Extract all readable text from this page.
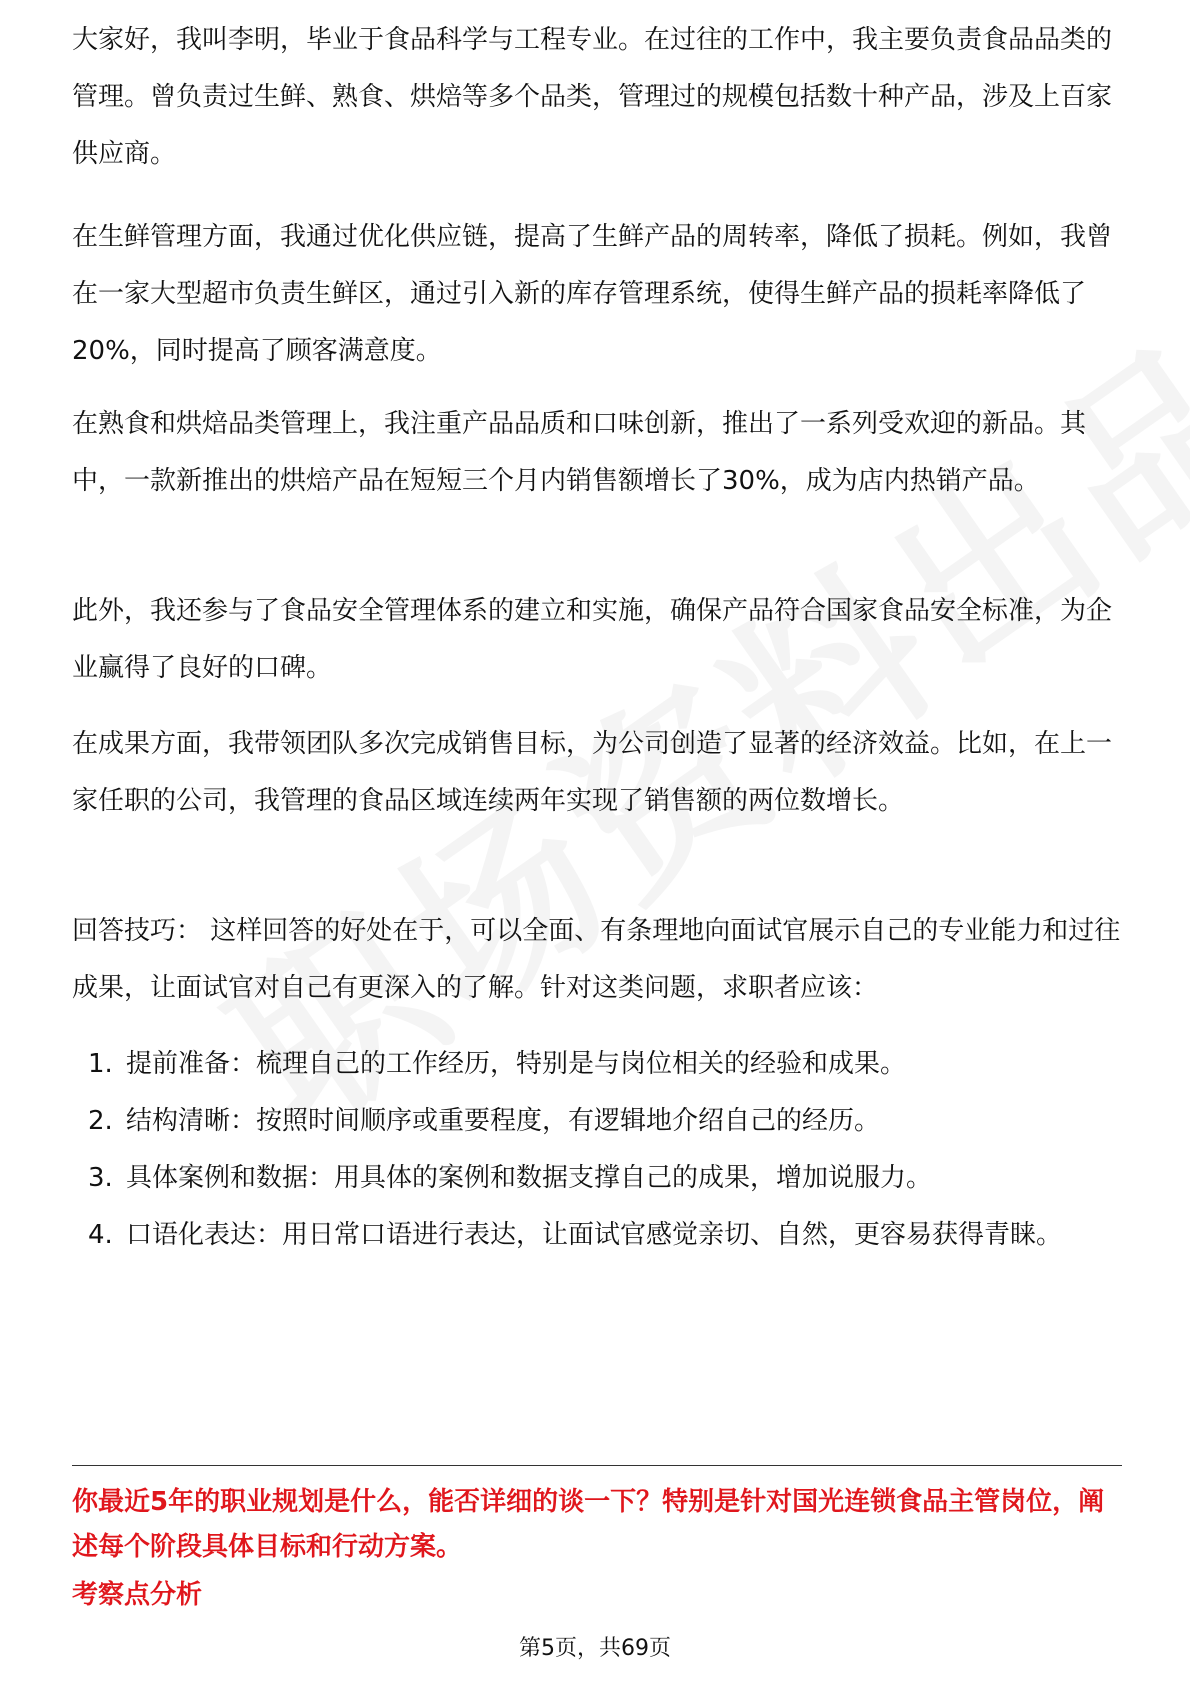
大家好，我叫李明，毕业于食品科学与工程专业。在过往的工作中，我主要负责食品品类的管理。曾负责过生鲜、熟食、烘焙等多个品类，管理过的规模包括数十种产品，涉及上百家供应商。

在生鲜管理方面，我通过优化供应链，提高了生鲜产品的周转率，降低了损耗。例如，我曾在一家大型超市负责生鲜区，通过引入新的库存管理系统，使得生鲜产品的损耗率降低了20%，同时提高了顾客满意度。

在熟食和烘焙品类管理上，我注重产品品质和口味创新，推出了一系列受欢迎的新品。其中，一款新推出的烘焙产品在短短三个月内销售额增长了30%，成为店内热销产品。

此外，我还参与了食品安全管理体系的建立和实施，确保产品符合国家食品安全标准，为企业赢得了良好的口碑。

在成果方面，我带领团队多次完成销售目标，为公司创造了显著的经济效益。比如，在上一家任职的公司，我管理的食品区域连续两年实现了销售额的两位数增长。

回答技巧： 这样回答的好处在于，可以全面、有条理地向面试官展示自己的专业能力和过往成果，让面试官对自己有更深入的了解。针对这类问题，求职者应该：

1. 提前准备：梳理自己的工作经历，特别是与岗位相关的经验和成果。
2. 结构清晰：按照时间顺序或重要程度，有逻辑地介绍自己的经历。
3. 具体案例和数据：用具体的案例和数据支撑自己的成果，增加说服力。
4. 口语化表达：用日常口语进行表达，让面试官感觉亲切、自然，更容易获得青睐。

你最近5年的职业规划是什么，能否详细的谈一下？特别是针对国光连锁食品主管岗位，阐述每个阶段具体目标和行动方案。

考察点分析

第5页，共69页
